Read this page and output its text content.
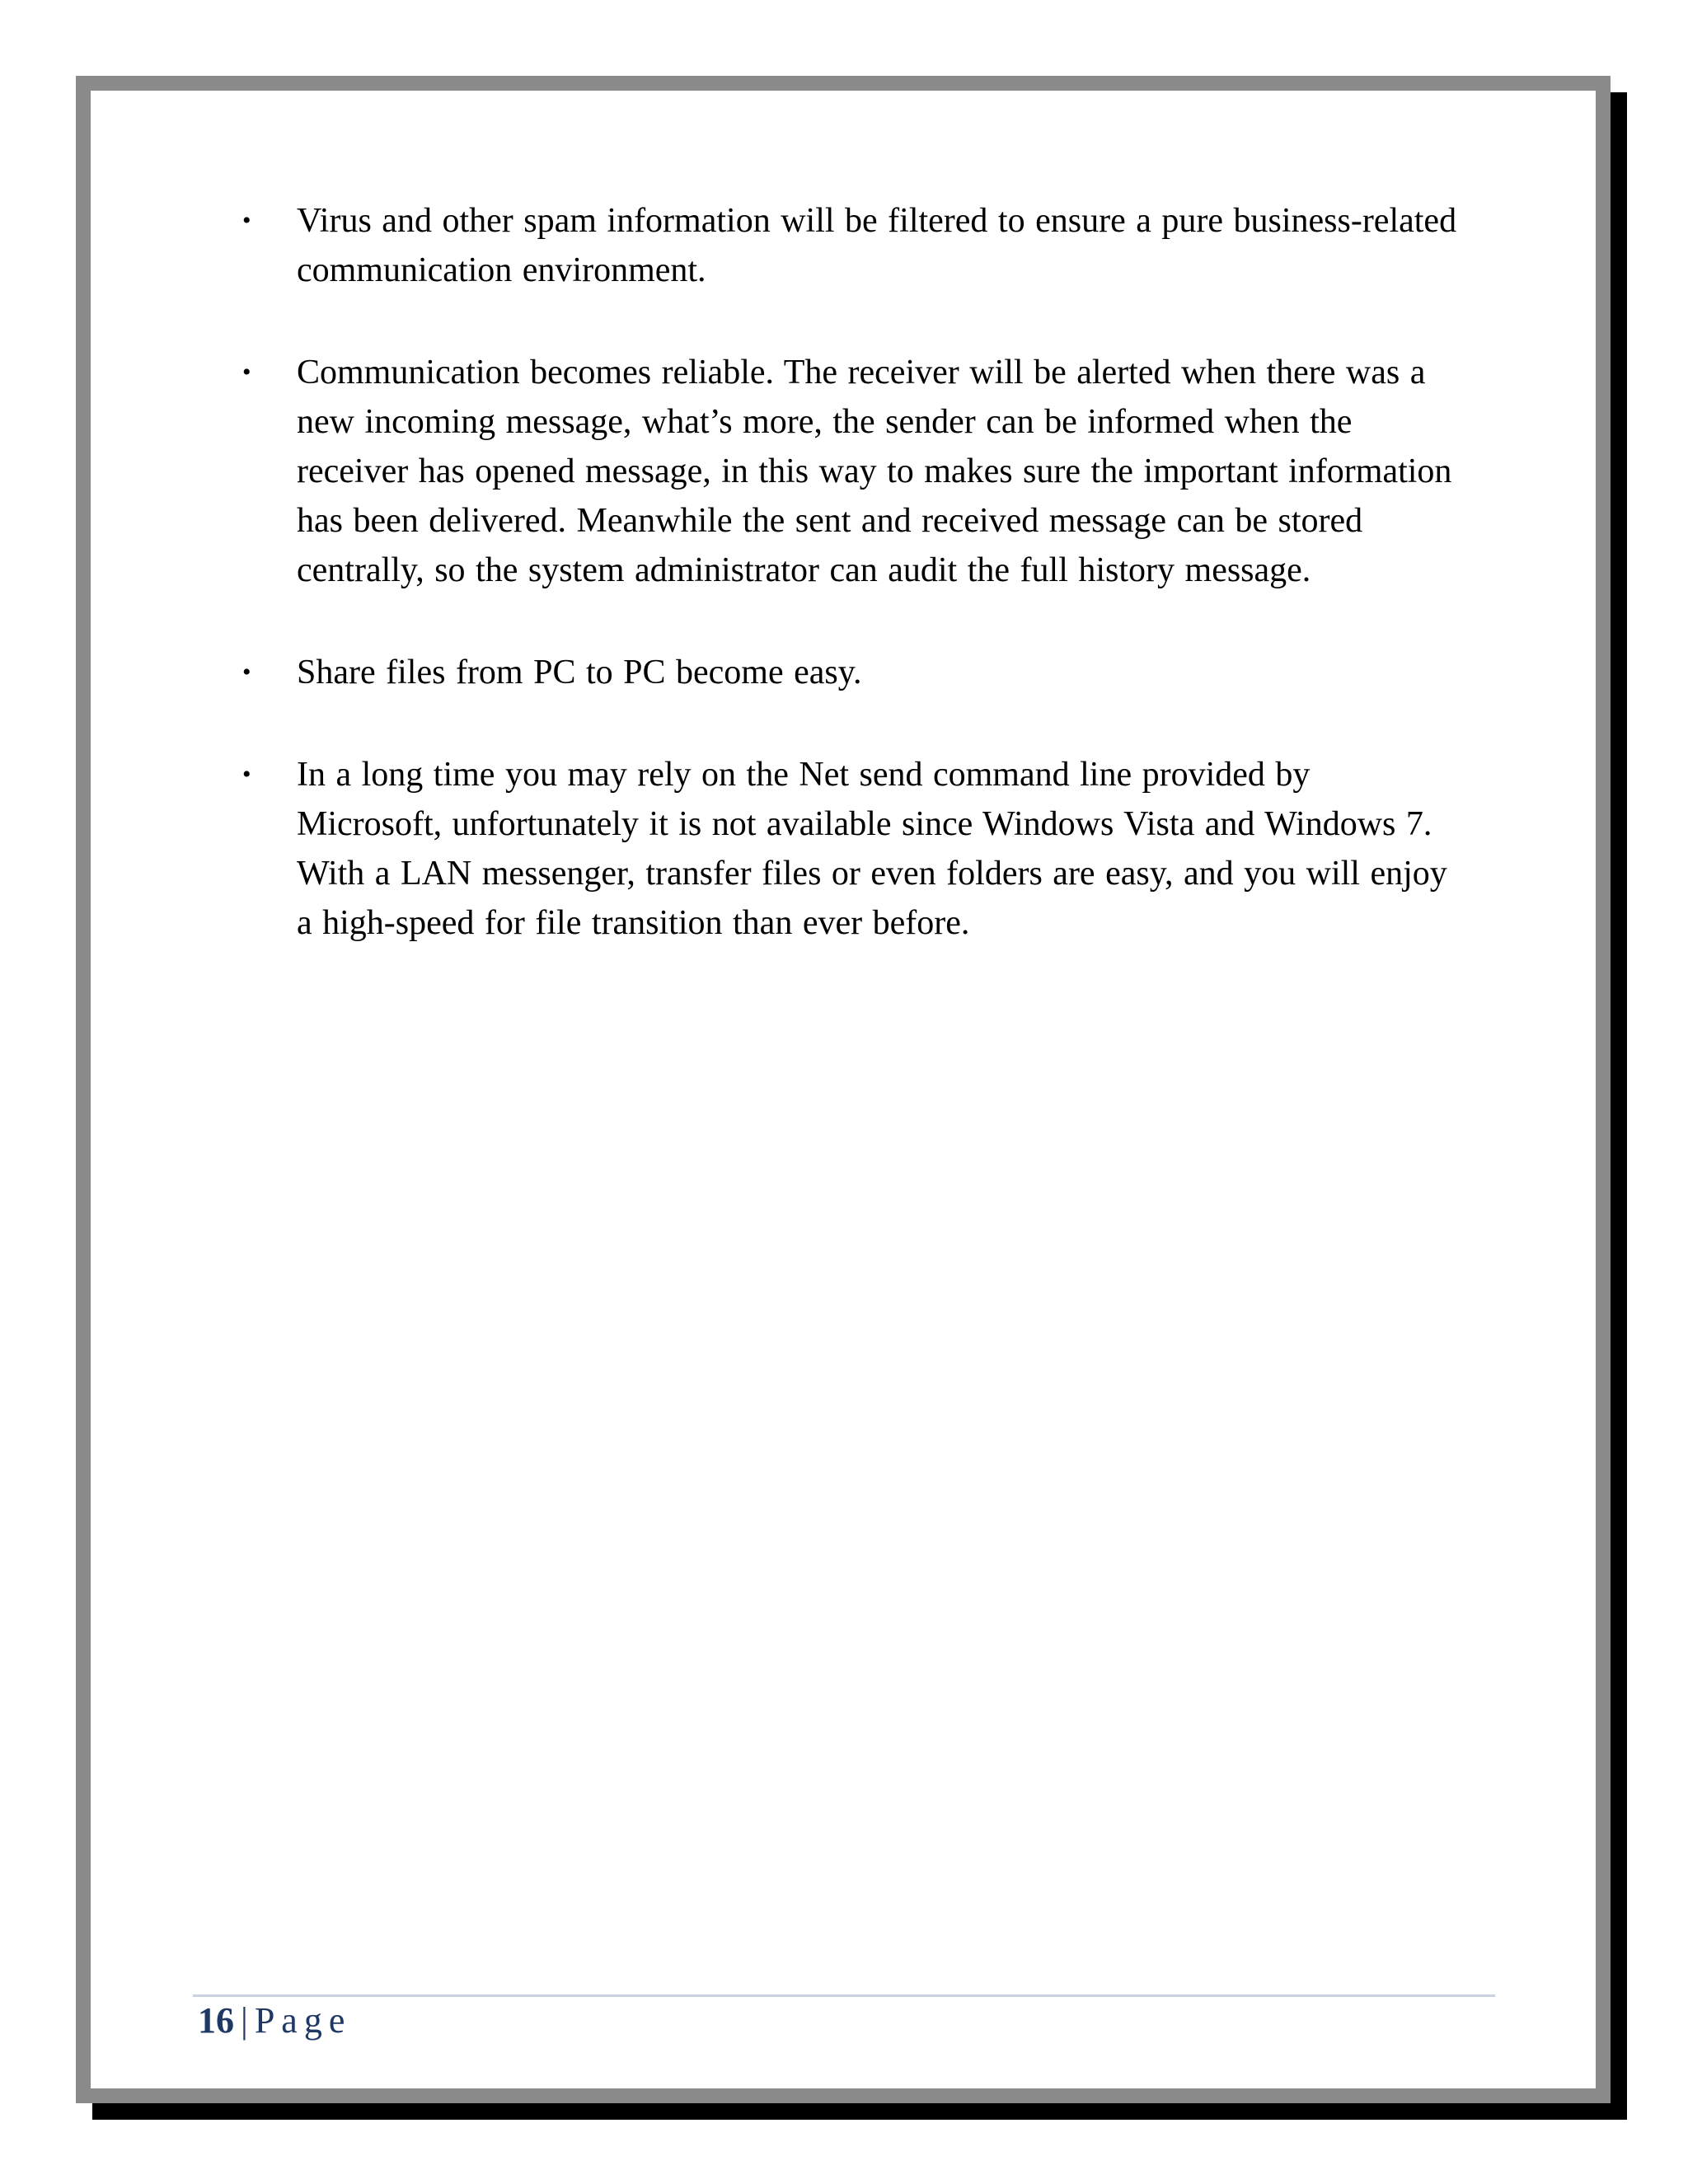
•	Virus and other spam information will be filtered to ensure a pure business-related communication environment.
•	Communication becomes reliable. The receiver will be alerted when there was a new incoming message, what’s more, the sender can be informed when the receiver has opened message, in this way to makes sure the important information has been delivered. Meanwhile the sent and received message can be stored centrally, so the system administrator can audit the full history message.
•	Share files from PC to PC become easy.
•	In a long time you may rely on the Net send command line provided by Microsoft, unfortunately it is not available since Windows Vista and Windows 7. With a LAN messenger, transfer files or even folders are easy, and you will enjoy a high-speed for file transition than ever before.
16 | Page
